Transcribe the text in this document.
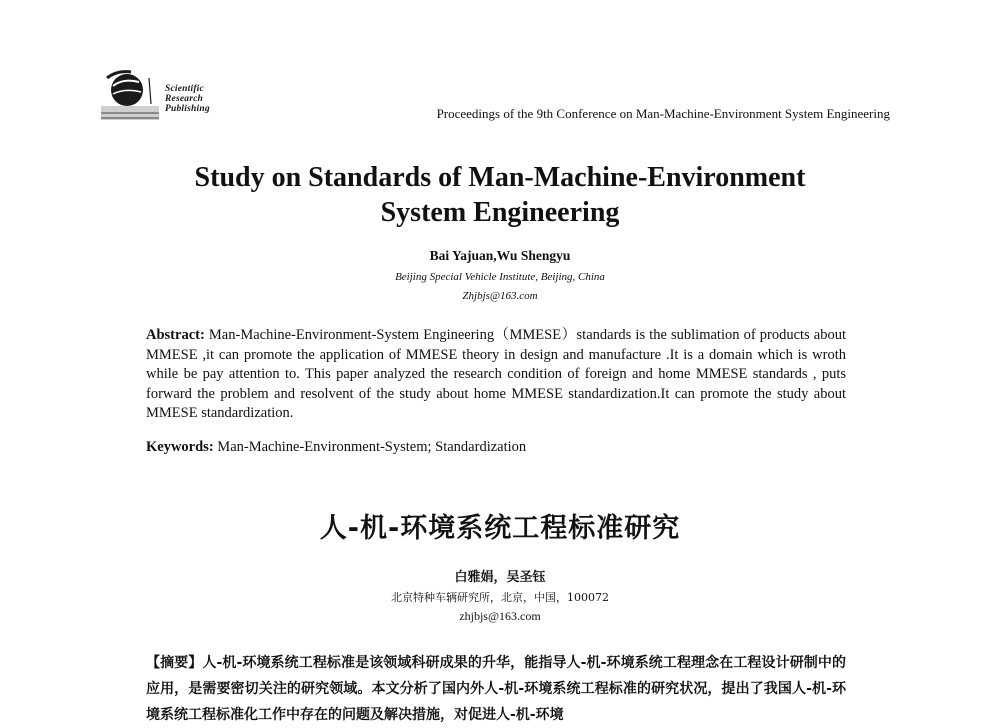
Scientific
Research
Publishing	Proceedings of the 9th Conference on Man-Machine-Environment System Engineering
Study on Standards of Man-Machine-Environment
System Engineering
Bai Yajuan,Wu Shengyu
Beijing Special Vehicle Institute, Beijing, China
Zhjbjs@163.com
Abstract: Man-Machine-Environment-System Engineering（MMESE）standards is the sublimation of products about MMESE ,it can promote the application of MMESE theory in design and manufacture .It is a domain which is wroth while be pay attention to. This paper analyzed the research condition of foreign and home MMESE standards , puts forward the problem and resolvent of the study about home MMESE standardization.It can promote the study about MMESE standardization.
Keywords: Man-Machine-Environment-System; Standardization
人-机-环境系统工程标准研究
白雅娟，吴圣钰
北京特种车辆研究所，北京，中国，100072
zhjbjs@163.com
【摘要】人-机-环境系统工程标准是该领域科研成果的升华，能指导人-机-环境系统工程理念在工程设计研制中的应用，是需要密切关注的研究领域。本文分析了国内外人-机-环境系统工程标准的研究状况，提出了我国人-机-环境系统工程标准化工作中存在的问题及解决措施，对促进人-机-环境
